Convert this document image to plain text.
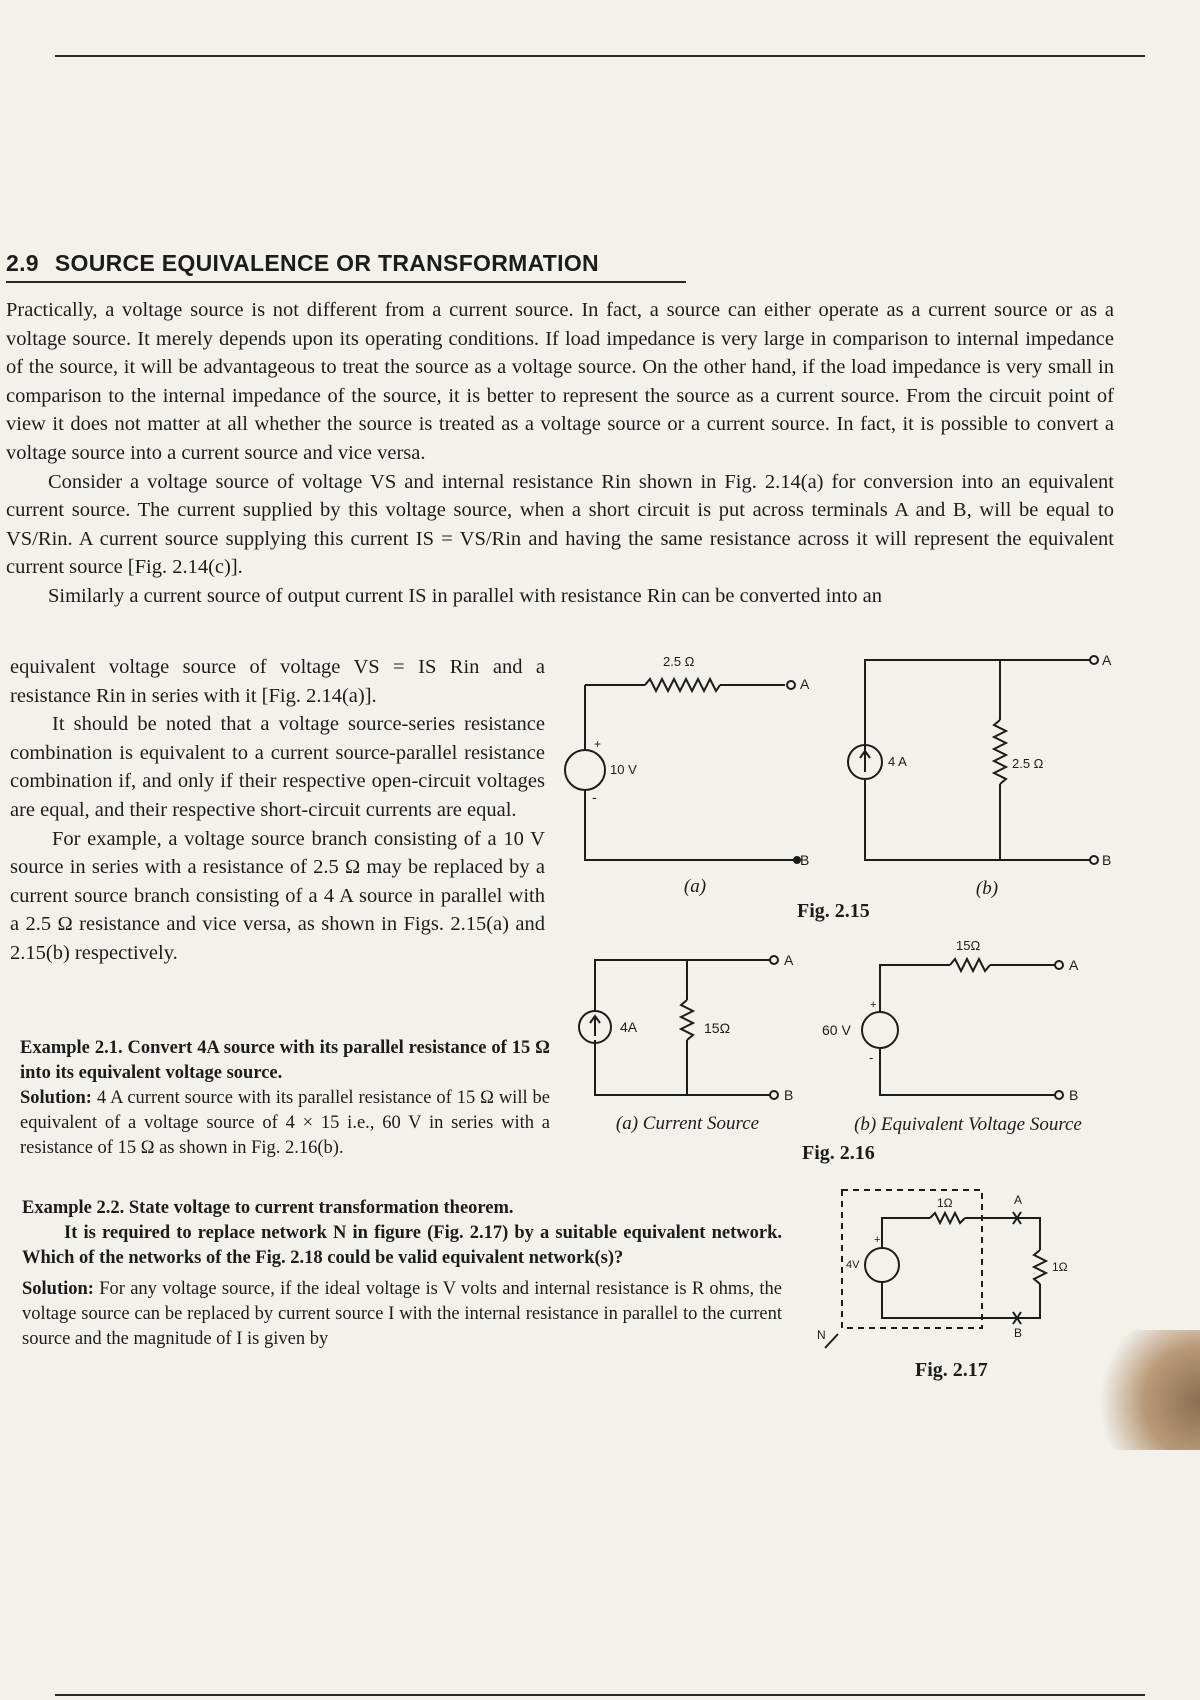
2.9 SOURCE EQUIVALENCE OR TRANSFORMATION

Practically, a voltage source is not different from a current source. In fact, a source can either operate as a current source or as a voltage source. It merely depends upon its operating conditions. If load impedance is very large in comparison to internal impedance of the source, it will be advantageous to treat the source as a voltage source. On the other hand, if the load impedance is very small in comparison to the internal impedance of the source, it is better to represent the source as a current source. From the circuit point of view it does not matter at all whether the source is treated as a voltage source or a current source. In fact, it is possible to convert a voltage source into a current source and vice versa.

Consider a voltage source of voltage VS and internal resistance Rin shown in Fig. 2.14(a) for conversion into an equivalent current source. The current supplied by this voltage source, when a short circuit is put across terminals A and B, will be equal to VS/Rin. A current source supplying this current IS = VS/Rin and having the same resistance across it will represent the equivalent current source [Fig. 2.14(c)].

Similarly a current source of output current IS in parallel with resistance Rin can be converted into an

equivalent voltage source of voltage VS = IS Rin and a resistance Rin in series with it [Fig. 2.14(a)].

It should be noted that a voltage source-series resistance combination is equivalent to a current source-parallel resistance combination if, and only if their respective open-circuit voltages are equal, and their respective short-circuit currents are equal.

For example, a voltage source branch consisting of a 10 V source in series with a resistance of 2.5 Ω may be replaced by a current source branch consisting of a 4 A source in parallel with a 2.5 Ω resistance and vice versa, as shown in Figs. 2.15(a) and 2.15(b) respectively.

Example 2.1. Convert 4A source with its parallel resistance of 15 Ω into its equivalent voltage source.

Solution: 4 A current source with its parallel resistance of 15 Ω will be equivalent of a voltage source of 4 × 15 i.e., 60 V in series with a resistance of 15 Ω as shown in Fig. 2.16(b).

Example 2.2. State voltage to current transformation theorem.

It is required to replace network N in figure (Fig. 2.17) by a suitable equivalent network. Which of the networks of the Fig. 2.18 could be valid equivalent network(s)?

Solution: For any voltage source, if the ideal voltage is V volts and internal resistance is R ohms, the voltage source can be replaced by current source I with the internal resistance in parallel to the current source and the magnitude of I is given by

+
-
+
-
+
2.5 Ω
10 V
A
B
(a)
4 A	2.5 Ω
A
B
(b)
Fig. 2.15
4A	15Ω
A
B
(a) Current Source
15Ω
60 V
A
B
(b) Equivalent Voltage Source
Fig. 2.16
1Ω
1Ω
4V
A
B
N
Fig. 2.17
